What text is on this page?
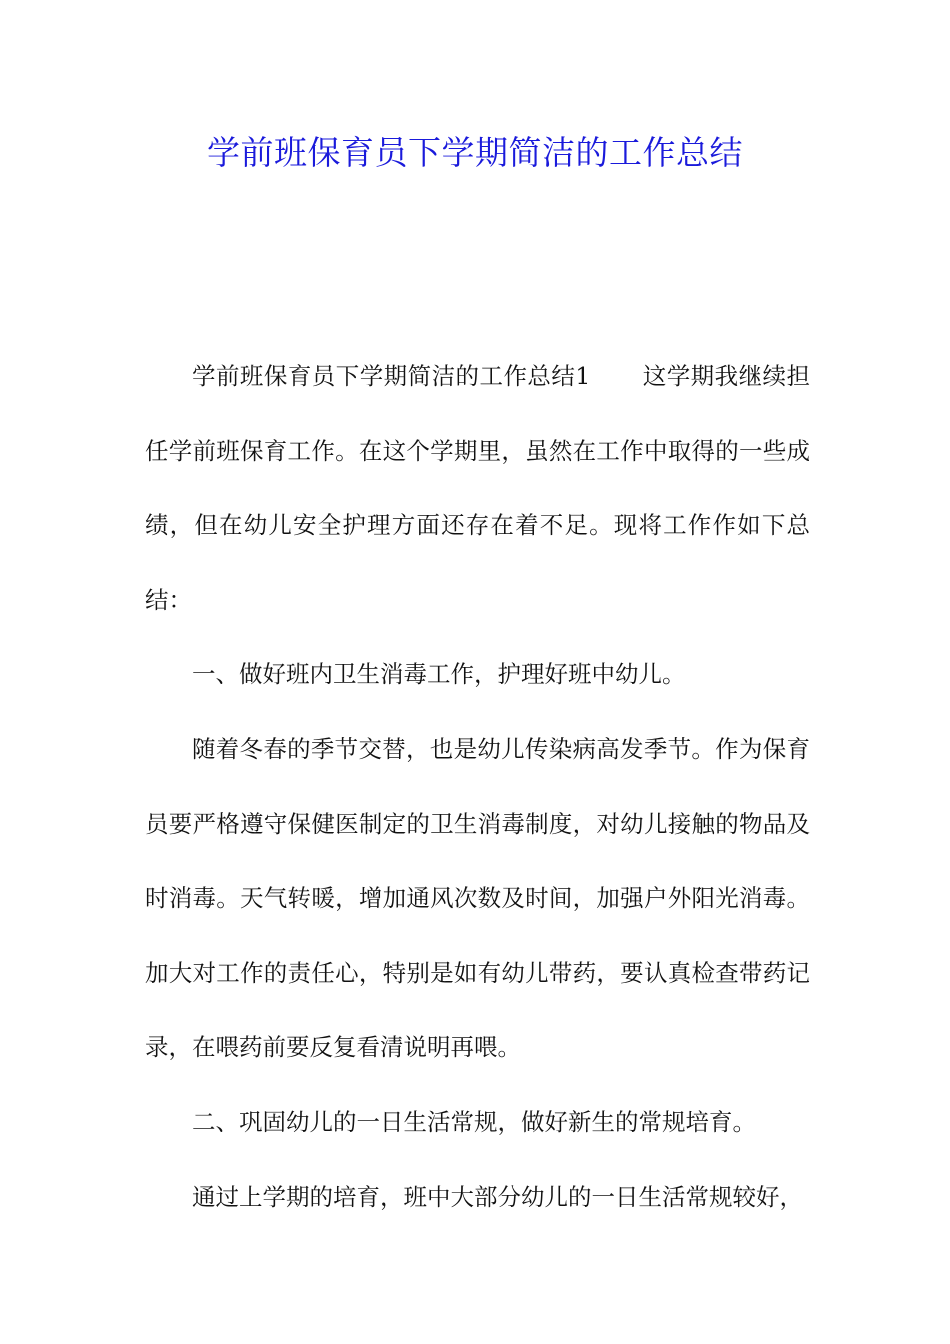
学前班保育员下学期简洁的工作总结

学前班保育员下学期简洁的工作总结1 这学期我继续担任学前班保育工作。在这个学期里，虽然在工作中取得的一些成绩，但在幼儿安全护理方面还存在着不足。现将工作作如下总结：

一、做好班内卫生消毒工作，护理好班中幼儿。

随着冬春的季节交替，也是幼儿传染病高发季节。作为保育员要严格遵守保健医制定的卫生消毒制度，对幼儿接触的物品及时消毒。天气转暖，增加通风次数及时间，加强户外阳光消毒。加大对工作的责任心，特别是如有幼儿带药，要认真检查带药记录，在喂药前要反复看清说明再喂。

二、巩固幼儿的一日生活常规，做好新生的常规培育。

通过上学期的培育，班中大部分幼儿的一日生活常规较好，
